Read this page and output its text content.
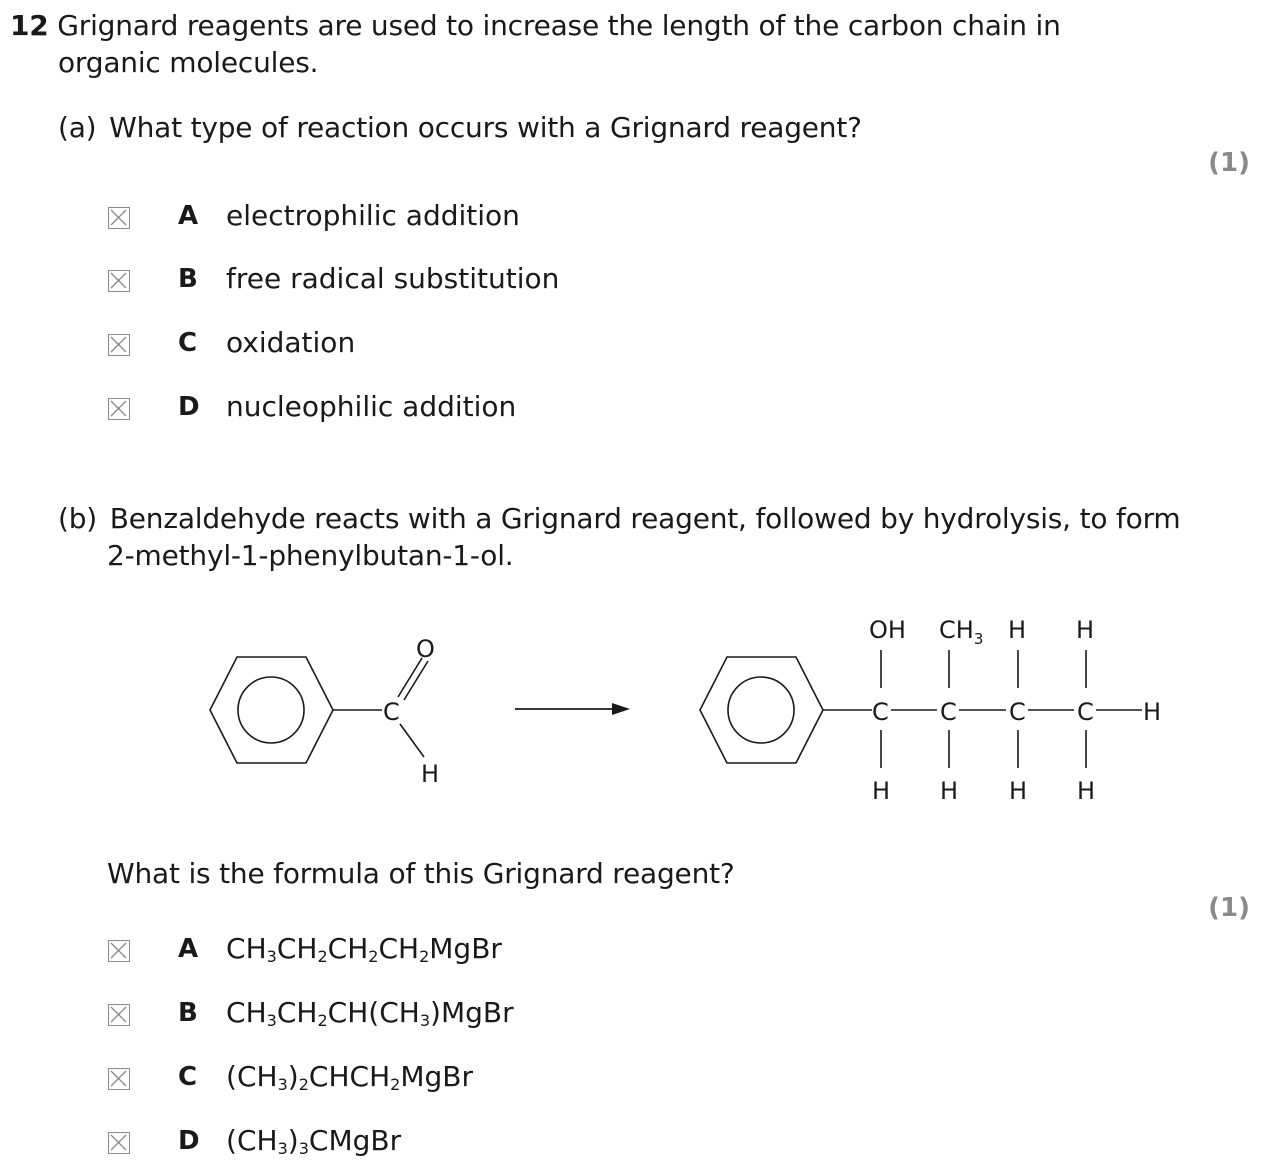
12 Grignard reagents are used to increase the length of the carbon chain in
organic molecules.
(a) What type of reaction occurs with a Grignard reagent?
(1)
A electrophilic addition
B free radical substitution
C oxidation
D nucleophilic addition
(b) Benzaldehyde reacts with a Grignard reagent, followed by hydrolysis, to form
2-methyl-1-phenylbutan-1-ol.
C
O
H
C
H
C
H
C
H
C
H
H
OH $CH_3$ H H
What is the formula of this Grignard reagent?
(1)
A $CH_3CH_2CH_2CH_2MgBr$
B $CH_3CH_2CH(CH_3)MgBr$
C $(CH_3)_2CHCH_2MgBr$
D $(CH_3)_3CMgBr$
